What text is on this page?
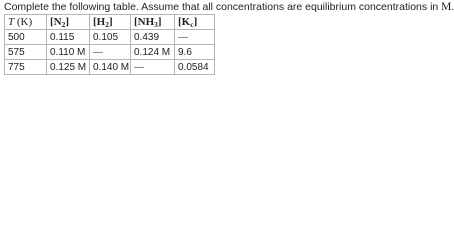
Complete the following table. Assume that all concentrations are equilibrium concentrations in M
T (K)	[N2]	[H2]	[NH3]	[Kc]
500	0.115	0.105	0.439	—
575	0.110 M	—	0.124 M	9.6
775	0.125 M	0.140 M	—	0.0584
